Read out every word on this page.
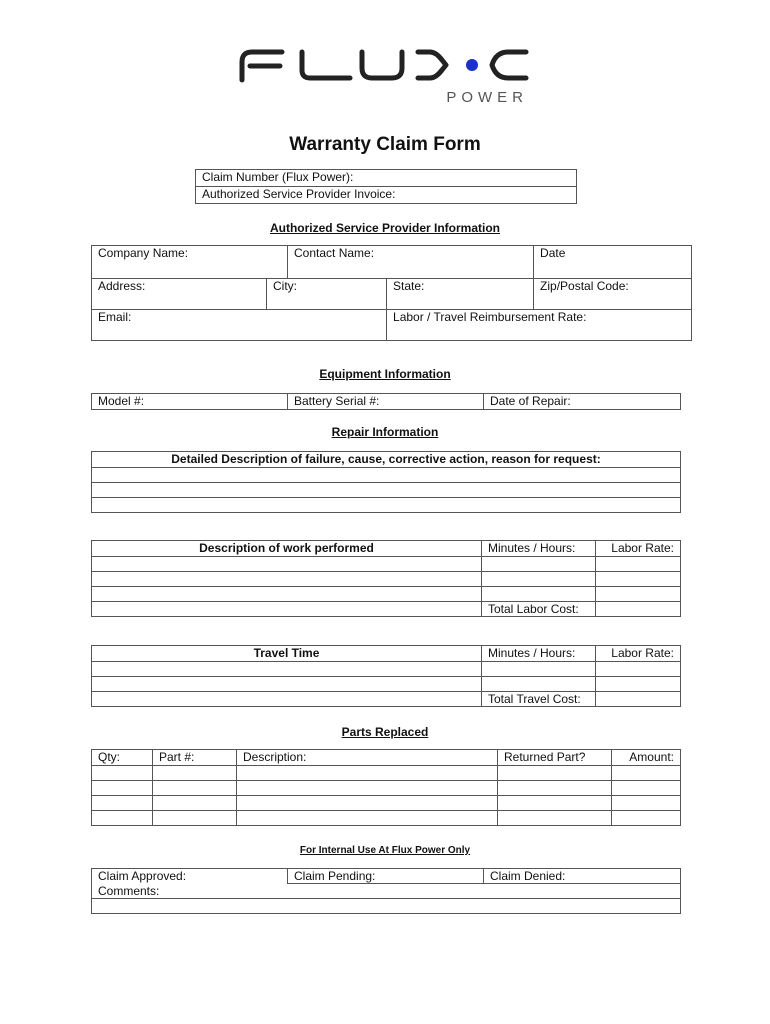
POWER
Warranty Claim Form
Claim Number (Flux Power):
Authorized Service Provider Invoice:
Authorized Service Provider Information
Company Name:		Contact Name:		Date
Address:	City:		State:	Zip/Postal Code:
Email:			Labor / Travel Reimbursement Rate:	
Equipment Information
Model #:	Battery Serial #:	Date of Repair:
Repair Information
Detailed Description of failure, cause, corrective action, reason for request:

Description of work performed	Minutes / Hours:	Labor Rate:

	Total Labor Cost:	
Travel Time	Minutes / Hours:	Labor Rate:

	Total Travel Cost:	
Parts Replaced
Qty:	Part #:	Description:	Returned Part?	Amount:

For Internal Use At Flux Power Only
Claim Approved:	Claim Pending:	Claim Denied:
Comments:
